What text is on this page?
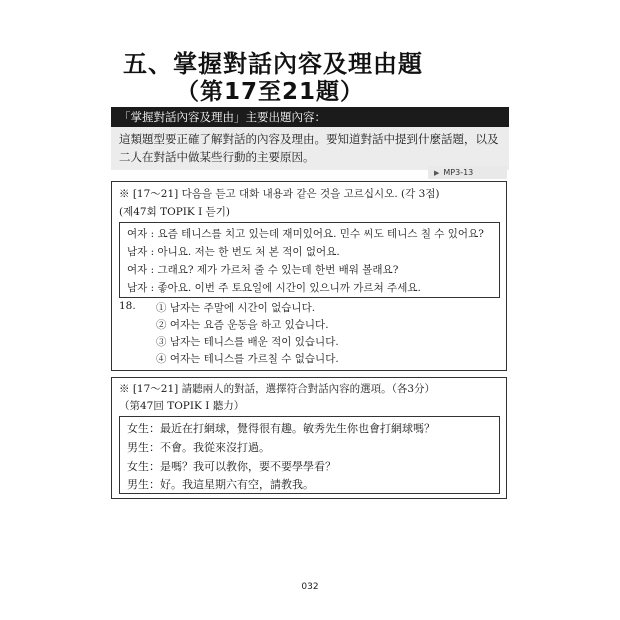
五、掌握對話內容及理由題
（第17至21題）
「掌握對話內容及理由」主要出題內容：
這類題型要正確了解對話的內容及理由。要知道對話中提到什麼話題，以及
二人在對話中做某些行動的主要原因。
▶ MP3-13
※ [17～21] 다음을 듣고 대화 내용과 같은 것을 고르십시오. (각 3점)
(제47회 TOPIK I 듣기)
여자 : 요즘 테니스를 치고 있는데 재미있어요. 민수 씨도 테니스 칠 수 있어요?
남자 : 아니요. 저는 한 번도 처 본 적이 없어요.
여자 : 그래요? 제가 가르처 줄 수 있는데 한번 배워 볼래요?
남자 : 좋아요. 이번 주 토요일에 시간이 있으니까 가르쳐 주세요.
18. ① 남자는 주말에 시간이 없습니다.
② 여자는 요즘 운동을 하고 있습니다.
③ 남자는 테니스를 배운 적이 있습니다.
④ 여자는 테니스를 가르칠 수 없습니다.
※ [17～21] 請聽兩人的對話，選擇符合對話內容的選項。（各3分）
（第47回 TOPIK I 聽力）
女生：最近在打網球，覺得很有趣。敏秀先生你也會打網球嗎？
男生：不會。我從來沒打過。
女生：是嗎？我可以教你，要不要學學看？
男生：好。我這星期六有空，請教我。
032
